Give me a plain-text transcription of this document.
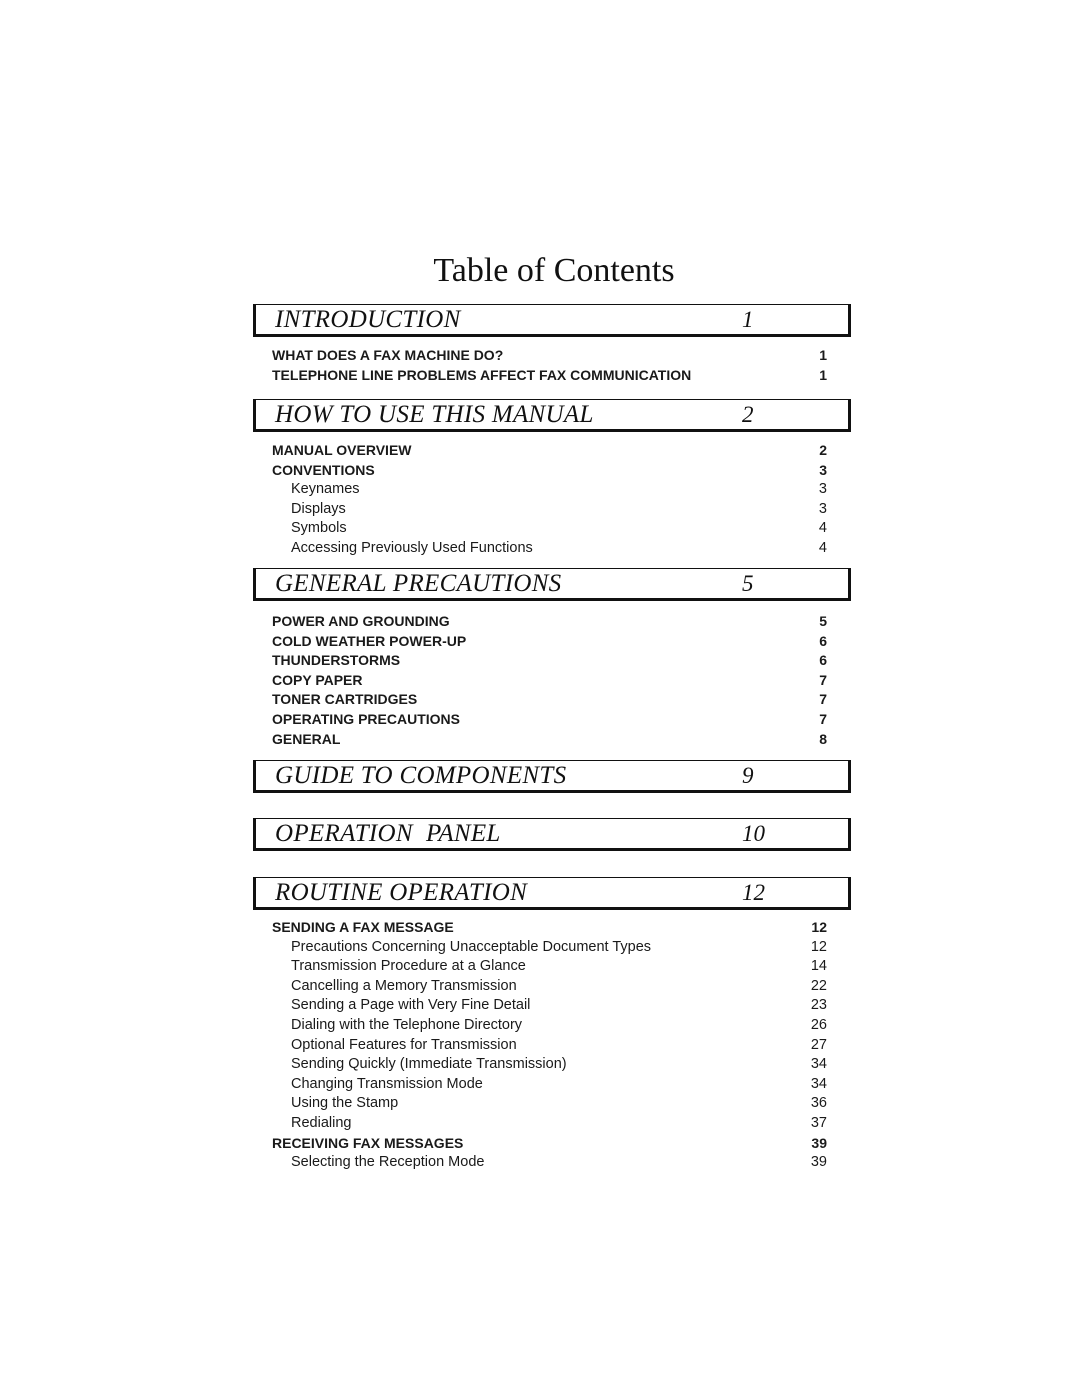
Table of Contents
INTRODUCTION	1
WHAT DOES A FAX MACHINE DO?	1
TELEPHONE LINE PROBLEMS AFFECT FAX COMMUNICATION	1
HOW TO USE THIS MANUAL	2
MANUAL OVERVIEW	2
CONVENTIONS	3
Keynames	3
Displays	3
Symbols	4
Accessing Previously Used Functions	4
GENERAL PRECAUTIONS	5
POWER AND GROUNDING	5
COLD WEATHER POWER-UP	6
THUNDERSTORMS	6
COPY PAPER	7
TONER CARTRIDGES	7
OPERATING PRECAUTIONS	7
GENERAL	8
GUIDE TO COMPONENTS	9
OPERATION  PANEL	10
ROUTINE OPERATION	12
SENDING A FAX MESSAGE	12
Precautions Concerning Unacceptable Document Types	12
Transmission Procedure at a Glance	14
Cancelling a Memory Transmission	22
Sending a Page with Very Fine Detail	23
Dialing with the Telephone Directory	26
Optional Features for Transmission	27
Sending Quickly (Immediate Transmission)	34
Changing Transmission Mode	34
Using the Stamp	36
Redialing	37
RECEIVING FAX MESSAGES	39
Selecting the Reception Mode	39
